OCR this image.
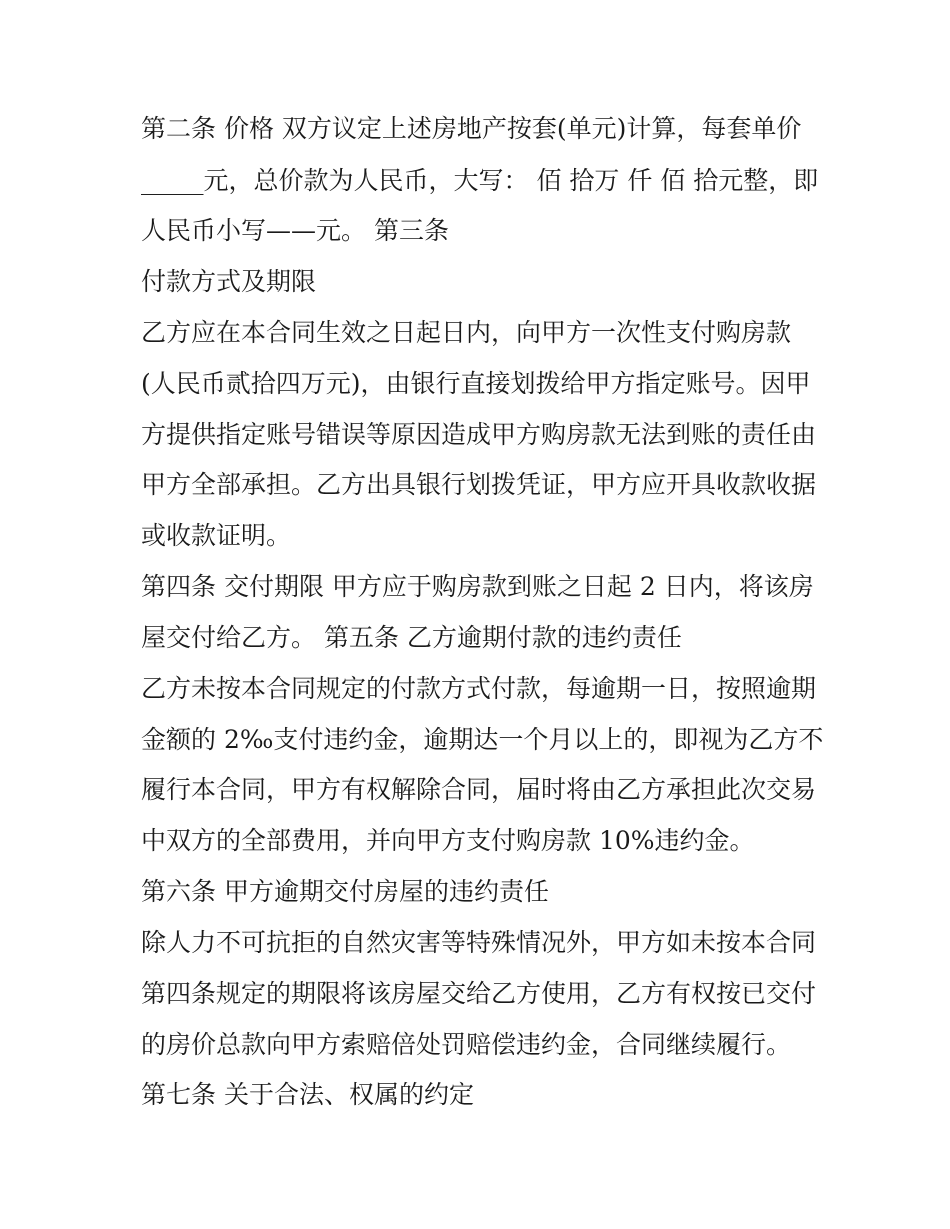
第二条 价格 双方议定上述房地产按套(单元)计算，每套单价

_____元，总价款为人民币，大写： 佰 拾万 仟 佰 拾元整，即

人民币小写——元。 第三条

付款方式及期限

乙方应在本合同生效之日起日内，向甲方一次性支付购房款

(人民币贰拾四万元)，由银行直接划拨给甲方指定账号。因甲

方提供指定账号错误等原因造成甲方购房款无法到账的责任由

甲方全部承担。乙方出具银行划拨凭证，甲方应开具收款收据

或收款证明。

第四条 交付期限 甲方应于购房款到账之日起 2 日内，将该房

屋交付给乙方。 第五条 乙方逾期付款的违约责任

乙方未按本合同规定的付款方式付款，每逾期一日，按照逾期

金额的 2‰支付违约金，逾期达一个月以上的，即视为乙方不

履行本合同，甲方有权解除合同，届时将由乙方承担此次交易

中双方的全部费用，并向甲方支付购房款 10%违约金。

第六条 甲方逾期交付房屋的违约责任

除人力不可抗拒的自然灾害等特殊情况外，甲方如未按本合同

第四条规定的期限将该房屋交给乙方使用，乙方有权按已交付

的房价总款向甲方索赔倍处罚赔偿违约金，合同继续履行。

第七条 关于合法、权属的约定
